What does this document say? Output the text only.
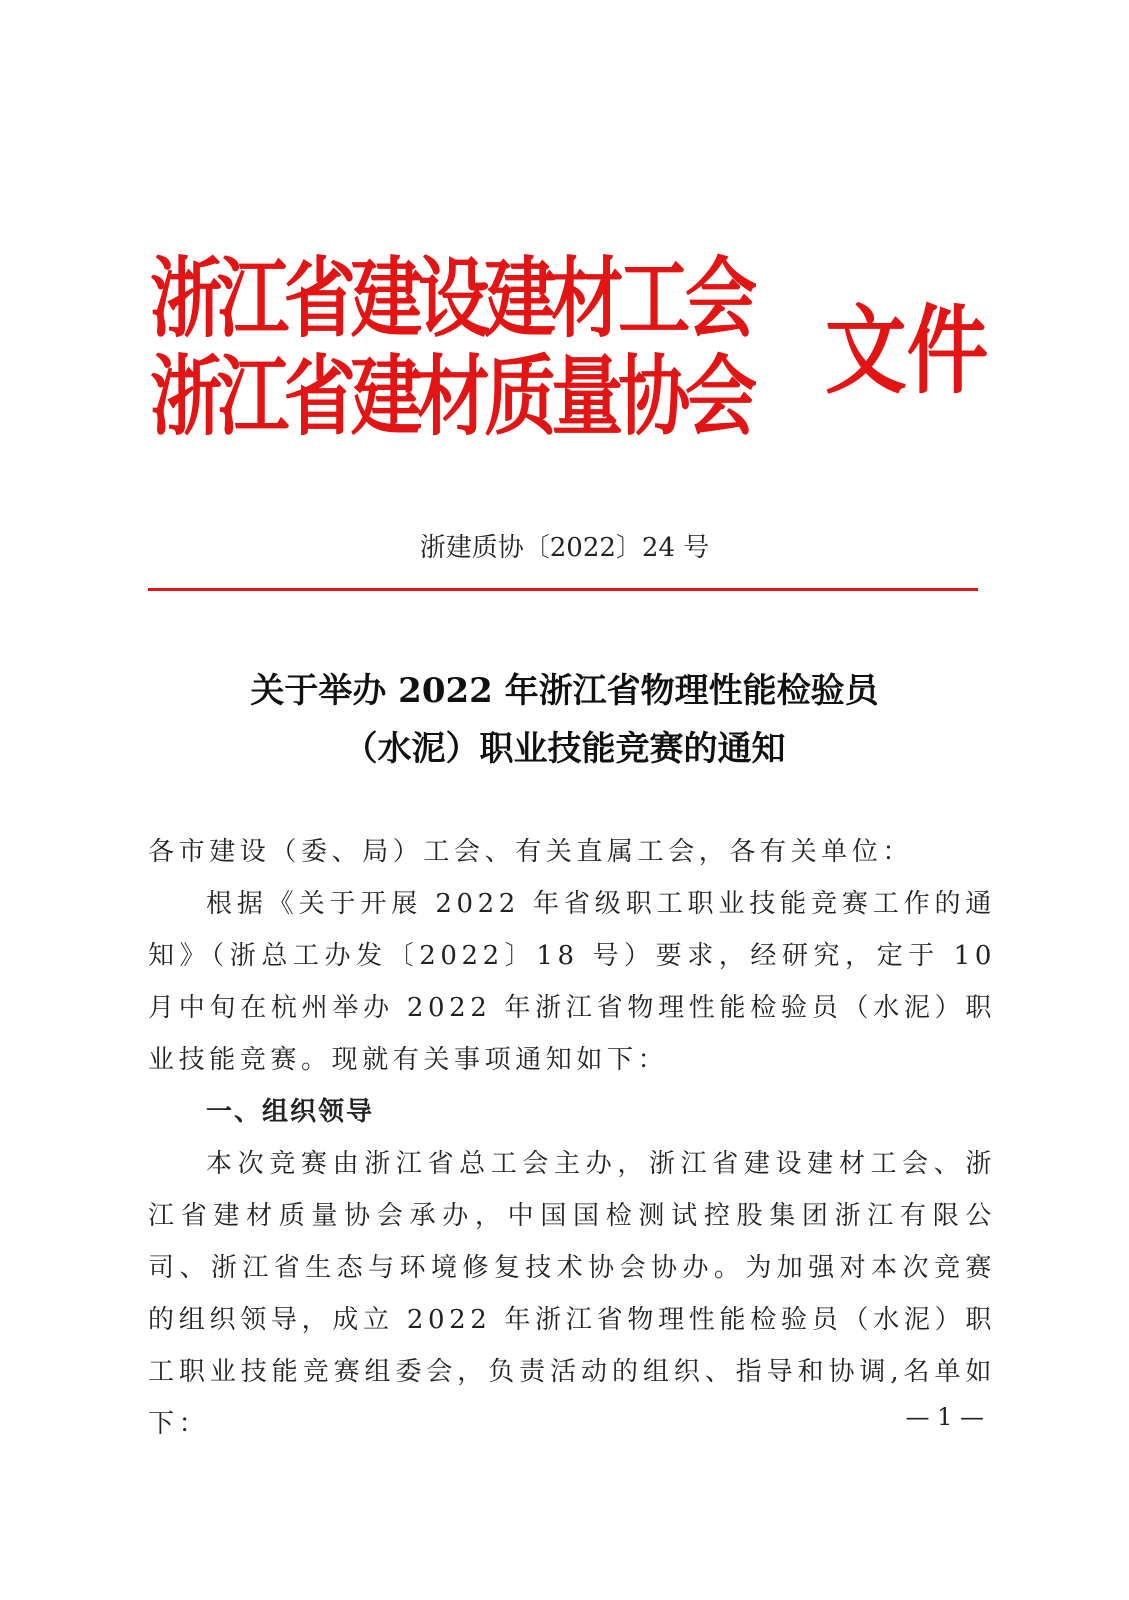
浙江省建设建材工会
浙江省建材质量协会 文件
浙建质协〔2022〕24 号
关于举办 2022 年浙江省物理性能检验员
（水泥）职业技能竞赛的通知

各市建设（委、局）工会、有关直属工会，各有关单位：

根据《关于开展 2022 年省级职工职业技能竞赛工作的通知》（浙总工办发〔2022〕18 号）要求，经研究，定于 10 月中旬在杭州举办 2022 年浙江省物理性能检验员（水泥）职业技能竞赛。现就有关事项通知如下：

一、组织领导

本次竞赛由浙江省总工会主办，浙江省建设建材工会、浙江省建材质量协会承办，中国国检测试控股集团浙江有限公司、浙江省生态与环境修复技术协会协办。为加强对本次竞赛的组织领导，成立 2022 年浙江省物理性能检验员（水泥）职工职业技能竞赛组委会，负责活动的组织、指导和协调,名单如下：	— 1 —
